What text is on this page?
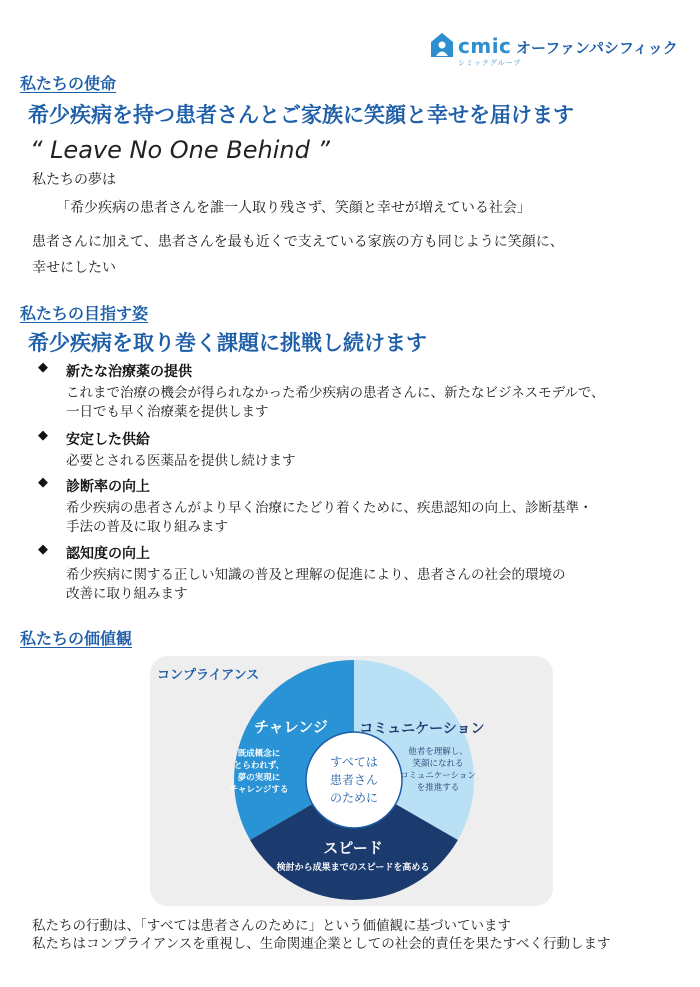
cmic
シミックグループ
オーファンパシフィック
私たちの使命
希少疾病を持つ患者さんとご家族に笑顔と幸せを届けます
“ Leave No One Behind ”
私たちの夢は
「希少疾病の患者さんを誰一人取り残さず、笑顔と幸せが増えている社会」
患者さんに加えて、患者さんを最も近くで支えている家族の方も同じように笑顔に、
幸せにしたい
私たちの目指す姿
希少疾病を取り巻く課題に挑戦し続けます
◆ 新たな治療薬の提供
これまで治療の機会が得られなかった希少疾病の患者さんに、新たなビジネスモデルで、
一日でも早く治療薬を提供します
◆ 安定した供給
必要とされる医薬品を提供し続けます
◆ 診断率の向上
希少疾病の患者さんがより早く治療にたどり着くために、疾患認知の向上、診断基準・
手法の普及に取り組みます
◆ 認知度の向上
希少疾病に関する正しい知識の普及と理解の促進により、患者さんの社会的環境の
改善に取り組みます
私たちの価値観
コンプライアンス
チャレンジ
既成概念に
とらわれず、
夢の実現に
チャレンジする
コミュニケーション
他者を理解し、
笑顔になれる
コミュニケーション
を推進する
スピード
検討から成果までのスピードを高める
すべては
患者さん
のために
私たちの行動は、「すべては患者さんのために」という価値観に基づいています
私たちはコンプライアンスを重視し、生命関連企業としての社会的責任を果たすべく行動します
